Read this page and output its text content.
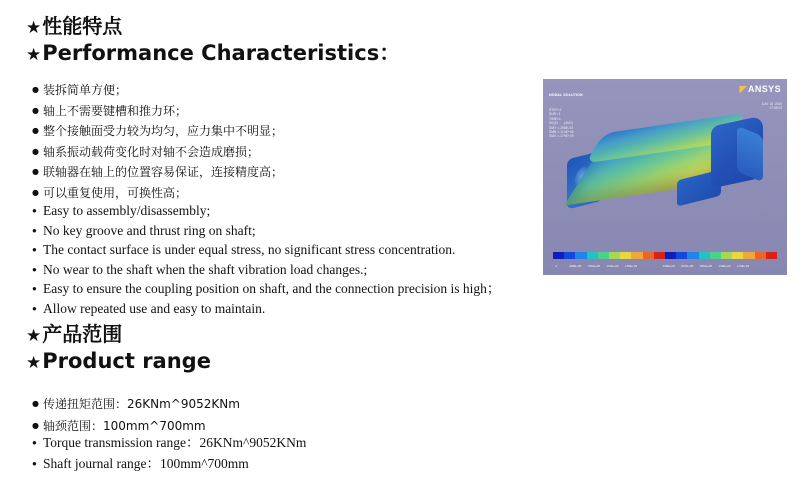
★性能特点
★Performance Characteristics：
● 装拆简单方便；
● 轴上不需要键槽和推力环；
● 整个接触面受力较为均匀，应力集中不明显；
● 轴系振动载荷变化时对轴不会造成磨损；
● 联轴器在轴上的位置容易保证，连接精度高；
● 可以重复使用，可换性高；
● Easy to assembly/disassembly;
● No key groove and thrust ring on shaft;
● The contact surface is under equal stress, no significant stress concentration.
● No wear to the shaft when the shaft vibration load changes.;
● Easy to ensure the coupling position on shaft, and the connection precision is high；
● Allow repeated use and easy to maintain.
★产品范围
★Product range
● 传递扭矩范围：26KNm^9052KNm
● 轴颈范围：100mm^700mm
● Torque transmission range：26KNm^9052KNm
● Shaft journal range：100mm^700mm

NODAL SOLUTION

STEP=1
SUB =1
TIME=1
SEQV      (AVG)
DMX =.298E-03
SMN =.114E+06
SMX =.179E+09

JUN  18  2009
07:58:03
◤ANSYS
0	.398E+08	.796E+08	.119E+09	.159E+09	.199E+08	.597E+08	.995E+08	.139E+09	.179E+09
